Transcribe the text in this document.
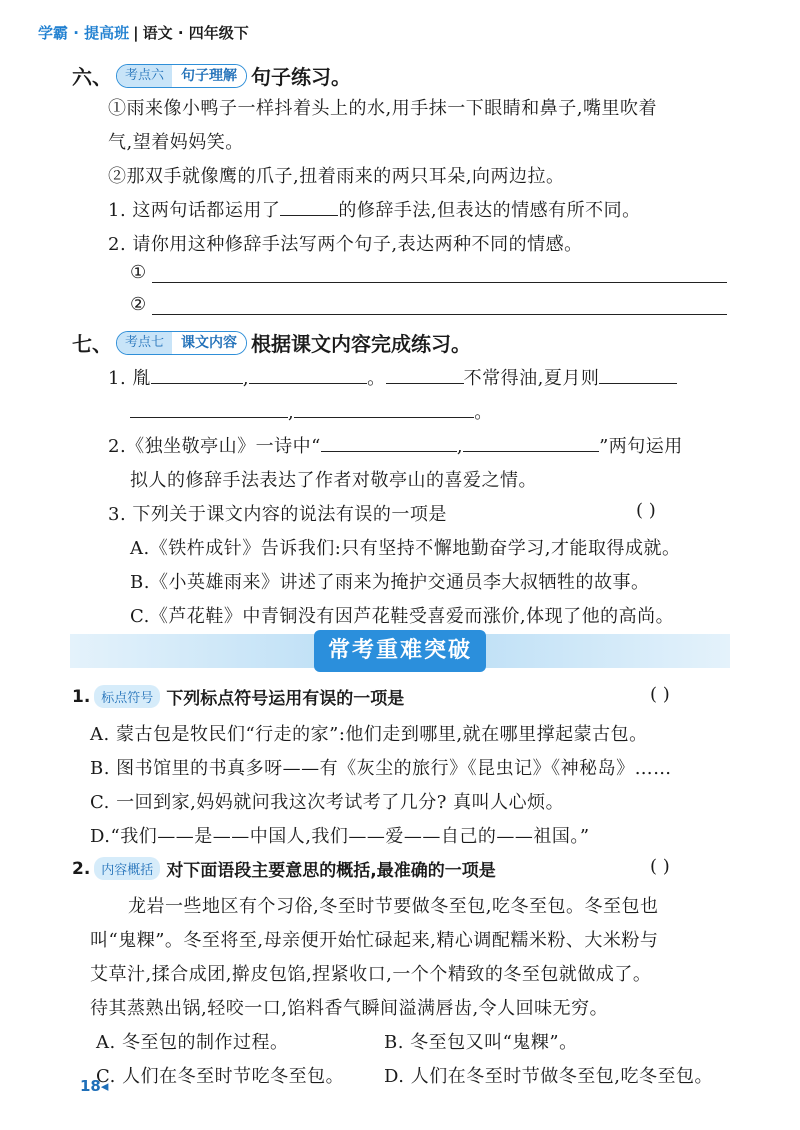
学霸 · 提高班 | 语文 · 四年级下
六、	考点六	句子理解 句子练习。
①雨来像小鸭子一样抖着头上的水,用手抹一下眼睛和鼻子,嘴里吹着
气,望着妈妈笑。
②那双手就像鹰的爪子,扭着雨来的两只耳朵,向两边拉。
1. 这两句话都运用了	的修辞手法,但表达的情感有所不同。
2. 请你用这种修辞手法写两个句子,表达两种不同的情感。
①
②
七、	考点七	课文内容 根据课文内容完成练习。
1. 胤	,	。	不常得油,夏月则
,	。
2.《独坐敬亭山》一诗中“	,	”两句运用
拟人的修辞手法表达了作者对敬亭山的喜爱之情。
3. 下列关于课文内容的说法有误的一项是	( )
A.《铁杵成针》告诉我们:只有坚持不懈地勤奋学习,才能取得成就。
B.《小英雄雨来》讲述了雨来为掩护交通员李大叔牺牲的故事。
C.《芦花鞋》中青铜没有因芦花鞋受喜爱而涨价,体现了他的高尚。
常考重难突破
1. 标点符号 下列标点符号运用有误的一项是	( )
A. 蒙古包是牧民们“行走的家”:他们走到哪里,就在哪里撑起蒙古包。
B. 图书馆里的书真多呀——有《灰尘的旅行》《昆虫记》《神秘岛》……
C. 一回到家,妈妈就问我这次考试考了几分? 真叫人心烦。
D.“我们——是——中国人,我们——爱——自己的——祖国。”
2. 内容概括 对下面语段主要意思的概括,最准确的一项是	( )
龙岩一些地区有个习俗,冬至时节要做冬至包,吃冬至包。冬至包也
叫“鬼粿”。冬至将至,母亲便开始忙碌起来,精心调配糯米粉、大米粉与
艾草汁,揉合成团,擀皮包馅,捏紧收口,一个个精致的冬至包就做成了。
待其蒸熟出锅,轻咬一口,馅料香气瞬间溢满唇齿,令人回味无穷。
A. 冬至包的制作过程。	B. 冬至包又叫“鬼粿”。
C. 人们在冬至时节吃冬至包。 D. 人们在冬至时节做冬至包,吃冬至包。
18◂
